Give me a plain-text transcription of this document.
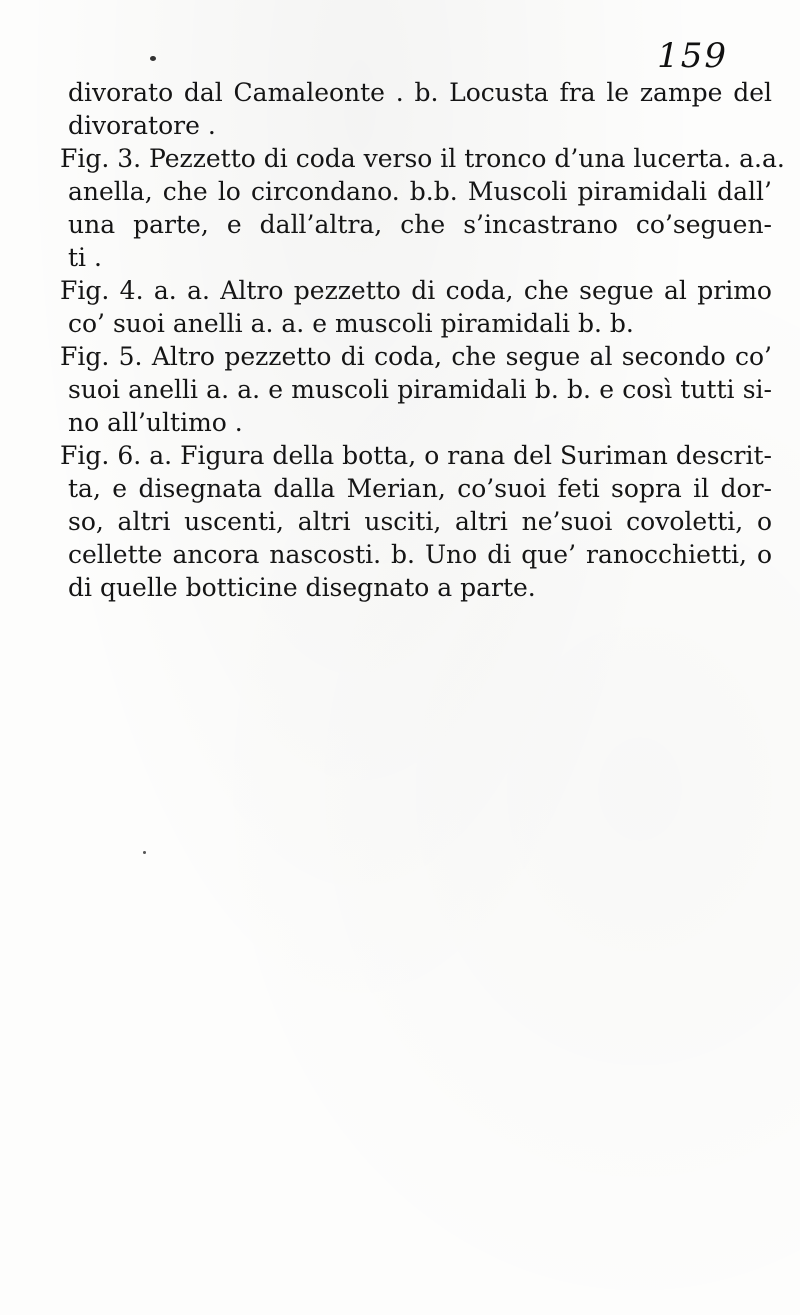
159
divorato dal Camaleonte . b. Locusta fra le zampe del
divoratore .
Fig. 3. Pezzetto di coda verso il tronco d’una lucerta. a.a.
anella, che lo circondano. b.b. Muscoli piramidali dall’
una parte, e dall’altra, che s’incastrano co’seguen-
ti .
Fig. 4. a. a. Altro pezzetto di coda, che segue al primo
co’ suoi anelli a. a. e muscoli piramidali b. b.
Fig. 5. Altro pezzetto di coda, che segue al secondo co’
suoi anelli a. a. e muscoli piramidali b. b. e così tutti si-
no all’ultimo .
Fig. 6. a. Figura della botta, o rana del Suriman descrit-
ta, e disegnata dalla Merian, co’suoi feti sopra il dor-
so, altri uscenti, altri usciti, altri ne’suoi covoletti, o
cellette ancora nascosti. b. Uno di que’ ranocchietti, o
di quelle botticine disegnato a parte.
